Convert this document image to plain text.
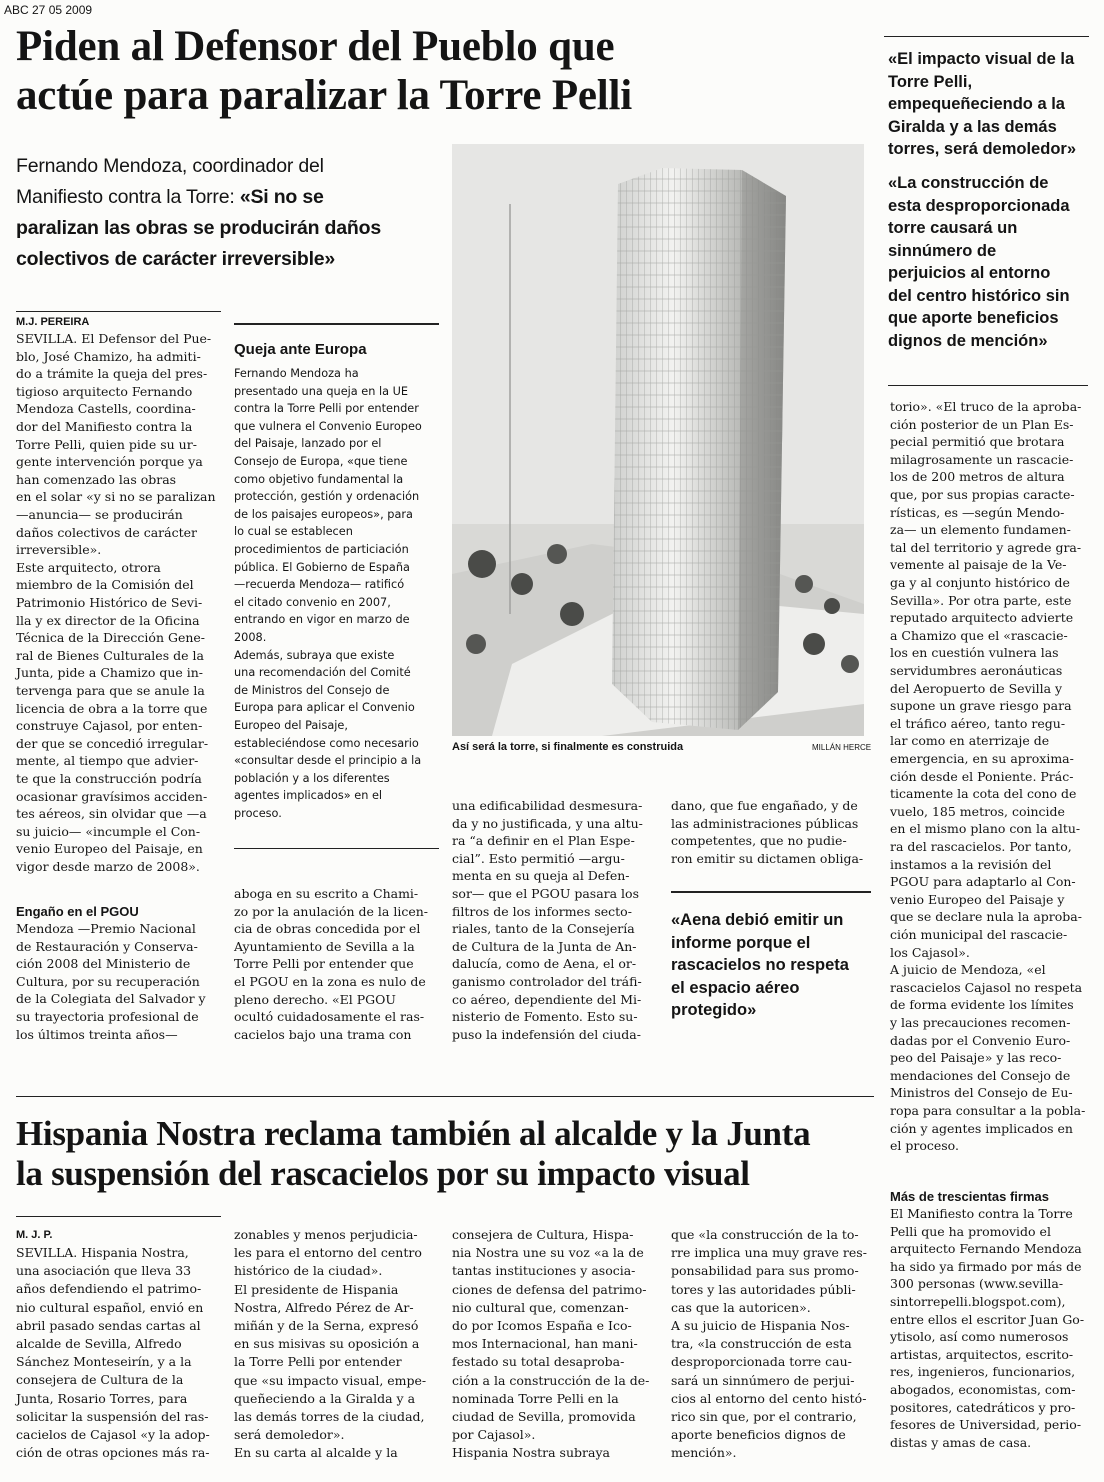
ABC 27 05 2009
Piden al Defensor del Pueblo que
actúe para paralizar la Torre Pelli
Fernando Mendoza, coordinador del
Manifiesto contra la Torre: «Si no se
paralizan las obras se producirán daños
colectivos de carácter irreversible»
M.J. PEREIRA
SEVILLA. El Defensor del Pue-
blo, José Chamizo, ha admiti-
do a trámite la queja del pres-
tigioso arquitecto Fernando
Mendoza Castells, coordina-
dor del Manifiesto contra la
Torre Pelli, quien pide su ur-
gente intervención porque ya
han comenzado las obras
en el solar «y si no se paralizan
—anuncia— se producirán
daños colectivos de carácter
irreversible».
Este arquitecto, otrora
miembro de la Comisión del
Patrimonio Histórico de Sevi-
lla y ex director de la Oficina
Técnica de la Dirección Gene-
ral de Bienes Culturales de la
Junta, pide a Chamizo que in-
tervenga para que se anule la
licencia de obra a la torre que
construye Cajasol, por enten-
der que se concedió irregular-
mente, al tiempo que advier-
te que la construcción podría
ocasionar gravísimos acciden-
tes aéreos, sin olvidar que —a
su juicio— «incumple el Con-
venio Europeo del Paisaje, en
vigor desde marzo de 2008».
Engaño en el PGOU
Mendoza —Premio Nacional
de Restauración y Conserva-
ción 2008 del Ministerio de
Cultura, por su recuperación
de la Colegiata del Salvador y
su trayectoria profesional de
los últimos treinta años—
Queja ante Europa
Fernando Mendoza ha
presentado una queja en la UE
contra la Torre Pelli por entender
que vulnera el Convenio Europeo
del Paisaje, lanzado por el
Consejo de Europa, «que tiene
como objetivo fundamental la
protección, gestión y ordenación
de los paisajes europeos», para
lo cual se establecen
procedimientos de particiación
pública. El Gobierno de España
—recuerda Mendoza— ratificó
el citado convenio en 2007,
entrando en vigor en marzo de
2008.
Además, subraya que existe
una recomendación del Comité
de Ministros del Consejo de
Europa para aplicar el Convenio
Europeo del Paisaje,
estableciéndose como necesario
«consultar desde el principio a la
población y a los diferentes
agentes implicados» en el
proceso.
aboga en su escrito a Chami-
zo por la anulación de la licen-
cia de obras concedida por el
Ayuntamiento de Sevilla a la
Torre Pelli por entender que
el PGOU en la zona es nulo de
pleno derecho. «El PGOU
ocultó cuidadosamente el ras-
cacielos bajo una trama con
Así será la torre, si finalmente es construida	MILLÁN HERCE
una edificabilidad desmesura-
da y no justificada, y una altu-
ra “a definir en el Plan Espe-
cial”. Esto permitió —argu-
menta en su queja al Defen-
sor— que el PGOU pasara los
filtros de los informes secto-
riales, tanto de la Consejería
de Cultura de la Junta de An-
dalucía, como de Aena, el or-
ganismo controlador del tráfi-
co aéreo, dependiente del Mi-
nisterio de Fomento. Esto su-
puso la indefensión del ciuda-
dano, que fue engañado, y de
las administraciones públicas
competentes, que no pudie-
ron emitir su dictamen obliga-
«Aena debió emitir un
informe porque el
rascacielos no respeta
el espacio aéreo
protegido»
«El impacto visual de la
Torre Pelli,
empequeñeciendo a la
Giralda y a las demás
torres, será demoledor»
«La construcción de
esta desproporcionada
torre causará un
sinnúmero de
perjuicios al entorno
del centro histórico sin
que aporte beneficios
dignos de mención»
torio». «El truco de la aproba-
ción posterior de un Plan Es-
pecial permitió que brotara
milagrosamente un rascacie-
los de 200 metros de altura
que, por sus propias caracte-
rísticas, es —según Mendo-
za— un elemento fundamen-
tal del territorio y agrede gra-
vemente al paisaje de la Ve-
ga y al conjunto histórico de
Sevilla». Por otra parte, este
reputado arquitecto advierte
a Chamizo que el «rascacie-
los en cuestión vulnera las
servidumbres aeronáuticas
del Aeropuerto de Sevilla y
supone un grave riesgo para
el tráfico aéreo, tanto regu-
lar como en aterrizaje de
emergencia, en su aproxima-
ción desde el Poniente. Prác-
ticamente la cota del cono de
vuelo, 185 metros, coincide
en el mismo plano con la altu-
ra del rascacielos. Por tanto,
instamos a la revisión del
PGOU para adaptarlo al Con-
venio Europeo del Paisaje y
que se declare nula la aproba-
ción municipal del rascacie-
los Cajasol».
A juicio de Mendoza, «el
rascacielos Cajasol no respeta
de forma evidente los límites
y las precauciones recomen-
dadas por el Convenio Euro-
peo del Paisaje» y las reco-
mendaciones del Consejo de
Ministros del Consejo de Eu-
ropa para consultar a la pobla-
ción y agentes implicados en
el proceso.
Más de trescientas firmas
El Manifiesto contra la Torre
Pelli que ha promovido el
arquitecto Fernando Mendoza
ha sido ya firmado por más de
300 personas (www.sevilla-
sintorrepelli.blogspot.com),
entre ellos el escritor Juan Go-
ytisolo, así como numerosos
artistas, arquitectos, escrito-
res, ingenieros, funcionarios,
abogados, economistas, com-
positores, catedráticos y pro-
fesores de Universidad, perio-
distas y amas de casa.
Hispania Nostra reclama también al alcalde y la Junta
la suspensión del rascacielos por su impacto visual
M. J. P.
SEVILLA. Hispania Nostra,
una asociación que lleva 33
años defendiendo el patrimo-
nio cultural español, envió en
abril pasado sendas cartas al
alcalde de Sevilla, Alfredo
Sánchez Monteseirín, y a la
consejera de Cultura de la
Junta, Rosario Torres, para
solicitar la suspensión del ras-
cacielos de Cajasol «y la adop-
ción de otras opciones más ra-
zonables y menos perjudicia-
les para el entorno del centro
histórico de la ciudad».
El presidente de Hispania
Nostra, Alfredo Pérez de Ar-
miñán y de la Serna, expresó
en sus misivas su oposición a
la Torre Pelli por entender
que «su impacto visual, empe-
queñeciendo a la Giralda y a
las demás torres de la ciudad,
será demoledor».
En su carta al alcalde y la
consejera de Cultura, Hispa-
nia Nostra une su voz «a la de
tantas instituciones y asocia-
ciones de defensa del patrimo-
nio cultural que, comenzan-
do por Icomos España e Ico-
mos Internacional, han mani-
festado su total desaproba-
ción a la construcción de la de-
nominada Torre Pelli en la
ciudad de Sevilla, promovida
por Cajasol».
Hispania Nostra subraya
que «la construcción de la to-
rre implica una muy grave res-
ponsabilidad para sus promo-
tores y las autoridades públi-
cas que la autoricen».
A su juicio de Hispania Nos-
tra, «la construcción de esta
desproporcionada torre cau-
sará un sinnúmero de perjui-
cios al entorno del cento histó-
rico sin que, por el contrario,
aporte beneficios dignos de
mención».
